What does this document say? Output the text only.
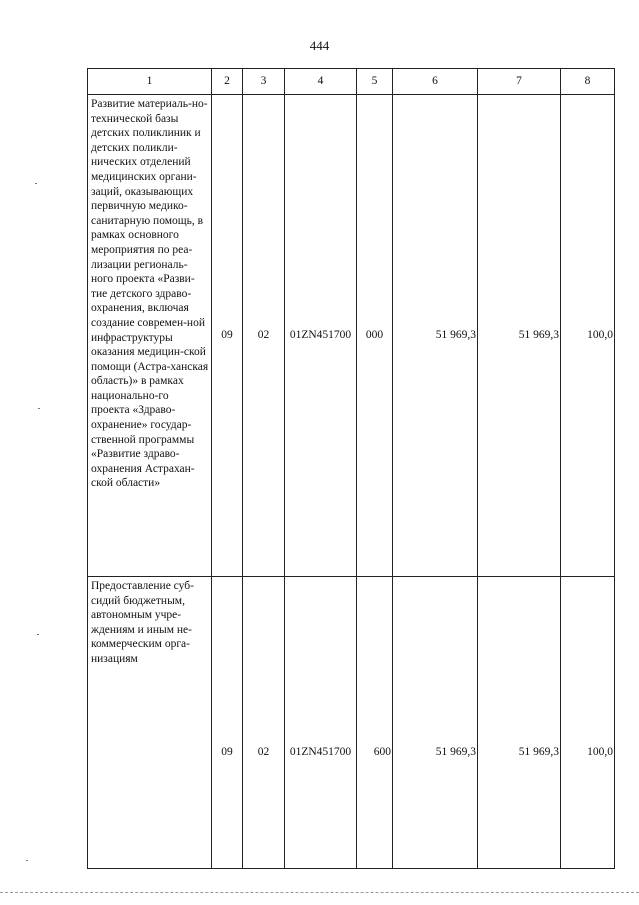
444
1	2	3	4	5	6	7	8
Развитие материаль-но-технической базы детских поликлиник и детских поликли-нических отделений медицинских органи-заций, оказывающих первичную медико-санитарную помощь, в рамках основного мероприятия по реа-лизации региональ-ного проекта «Разви-тие детского здраво-охранения, включая создание современ-ной инфраструктуры оказания медицин-ской помощи (Астра-ханская область)» в рамках национально-го проекта «Здраво-охранение» государ-ственной программы «Развитие здраво-охранения Астрахан-ской области»	09	02	01ZN451700	000	51 969,3	51 969,3	100,0
Предоставление суб-сидий бюджетным, автономным учре-ждениям и иным не-коммерческим орга-низациям	09	02	01ZN451700	600	51 969,3	51 969,3	100,0
